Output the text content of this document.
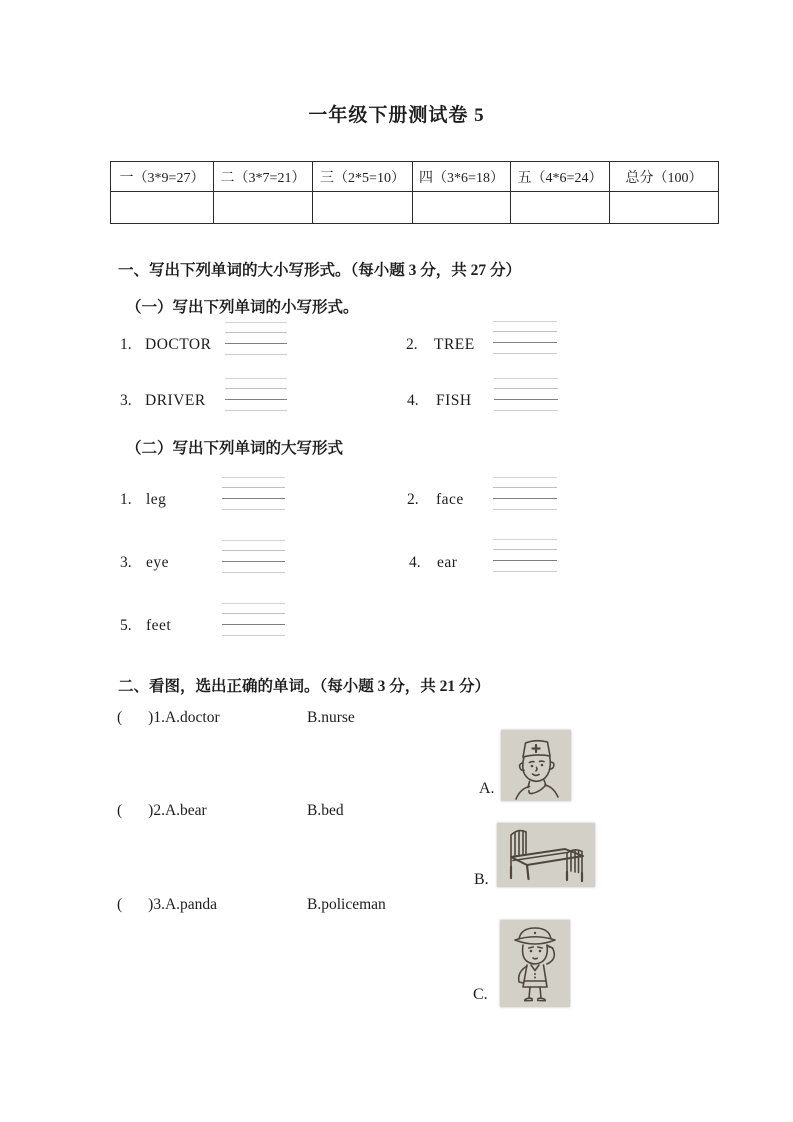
一年级下册测试卷 5
一（3*9=27）	二（3*7=21）	三（2*5=10）	四（3*6=18）	五（4*6=24）	总分（100）

一、写出下列单词的大小写形式。（每小题 3 分，共 27 分）
（一）写出下列单词的小写形式。
1. DOCTOR	2. TREE
3. DRIVER	4. FISH
（二）写出下列单词的大写形式
1. leg	2. face
3. eye	4. ear
5. feet
二、看图，选出正确的单词。（每小题 3 分，共 21 分）
( )1.A.doctor	B.nurse
A.
( )2.A.bear	B.bed
B.
( )3.A.panda	B.policeman
C.
